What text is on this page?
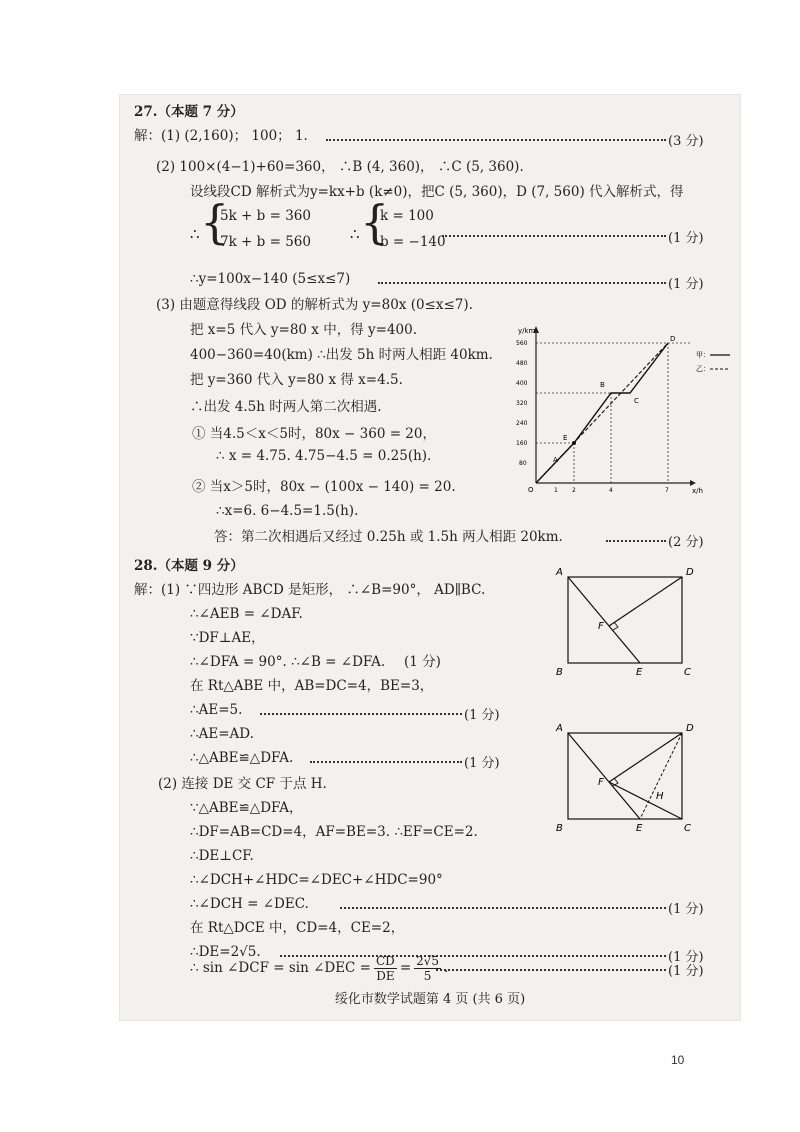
27.（本题 7 分）
解：(1) (2,160)； 100； 1.	(3 分)
(2) 100×(4−1)+60=360， ∴B (4, 360)， ∴C (5, 360).
设线段CD 解析式为y=kx+b (k≠0)，把C (5, 360)，D (7, 560) 代入解析式，得
∴ {
5k + b = 360
7k + b = 560	∴ {
k = 100
b = −140	(1 分)
∴y=100x−140 (5≤x≤7)	(1 分)
(3) 由题意得线段 OD 的解析式为 y=80x (0≤x≤7).
把 x=5 代入 y=80 x 中，得 y=400.
400−360=40(km) ∴出发 5h 时两人相距 40km.
把 y=360 代入 y=80 x 得 x=4.5.
∴出发 4.5h 时两人第二次相遇.
① 当4.5＜x＜5时，80x − 360 = 20，
∴ x = 4.75. 4.75−4.5 = 0.25(h).
② 当x＞5时，80x − (100x − 140) = 20.
∴x=6. 6−4.5=1.5(h).
答：第二次相遇后又经过 0.25h 或 1.5h 两人相距 20km.	(2 分)
y/km
x/h
560
480
400
320
240
160
80
O	1 2	4	7
A
B
C
D
E
甲：
乙：
28.（本题 9 分）
解：(1) ∵四边形 ABCD 是矩形， ∴∠B=90°， AD∥BC.
∴∠AEB = ∠DAF.
∵DF⊥AE，
∴∠DFA = 90°. ∴∠B = ∠DFA. (1 分)
在 Rt△ABE 中，AB=DC=4，BE=3，
∴AE=5.	(1 分)
∴AE=AD.
∴△ABE≌△DFA.	(1 分)
(2) 连接 DE 交 CF 于点 H.
∵△ABE≌△DFA，
∴DF=AB=CD=4，AF=BE=3. ∴EF=CE=2.
∴DE⊥CF.
∴∠DCH+∠HDC=∠DEC+∠HDC=90°
∴∠DCH = ∠DEC.	(1 分)
在 Rt△DCE 中，CD=4，CE=2，
∴DE=2√5.	(1 分)
∴ sin ∠DCF = sin ∠DEC = $\frac{CD}{DE} = \frac{2√5}{5}$ .	(1 分)
A	D
B	C
E
F
A	D
B	C
E
F
H
绥化市数学试题第 4 页 (共 6 页)
10
